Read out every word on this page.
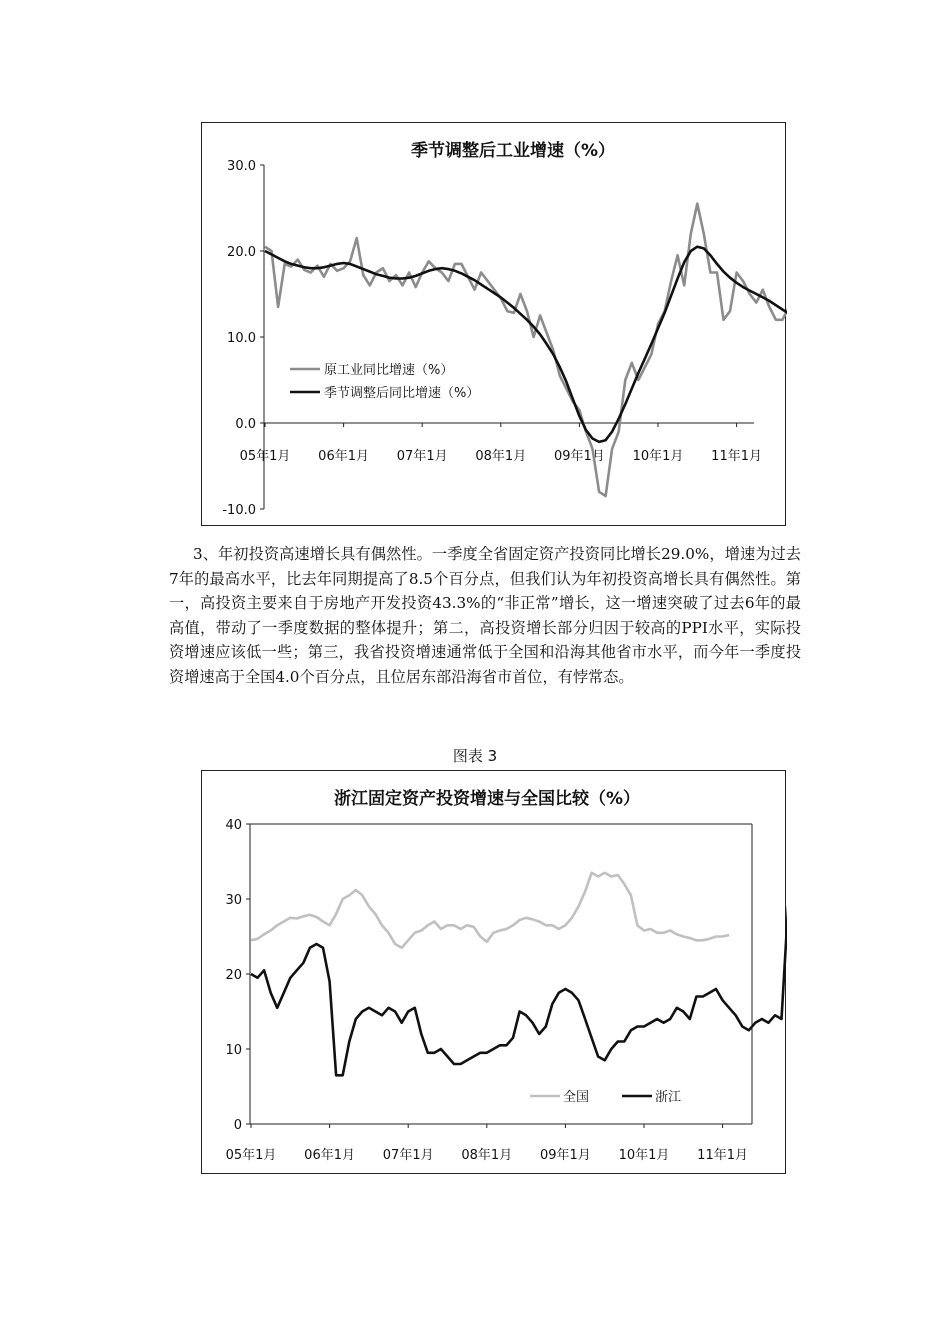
季节调整后工业增速（%）
30.0
20.0
10.0
0.0
-10.0
05年1月 06年1月 07年1月 08年1月 09年1月 10年1月 11年1月
原工业同比增速（%）
季节调整后同比增速（%）

3、年初投资高速增长具有偶然性。一季度全省固定资产投资同比增长29.0%，增速为过去7年的最高水平，比去年同期提高了8.5个百分点，但我们认为年初投资高增长具有偶然性。第一，高投资主要来自于房地产开发投资43.3%的“非正常”增长，这一增速突破了过去6年的最高值，带动了一季度数据的整体提升；第二，高投资增长部分归因于较高的PPI水平，实际投资增速应该低一些；第三，我省投资增速通常低于全国和沿海其他省市水平，而今年一季度投资增速高于全国4.0个百分点，且位居东部沿海省市首位，有悖常态。

图表 3
浙江固定资产投资增速与全国比较（%）
40
30
20
10
0
05年1月 06年1月 07年1月 08年1月 09年1月 10年1月 11年1月
全国	浙江
